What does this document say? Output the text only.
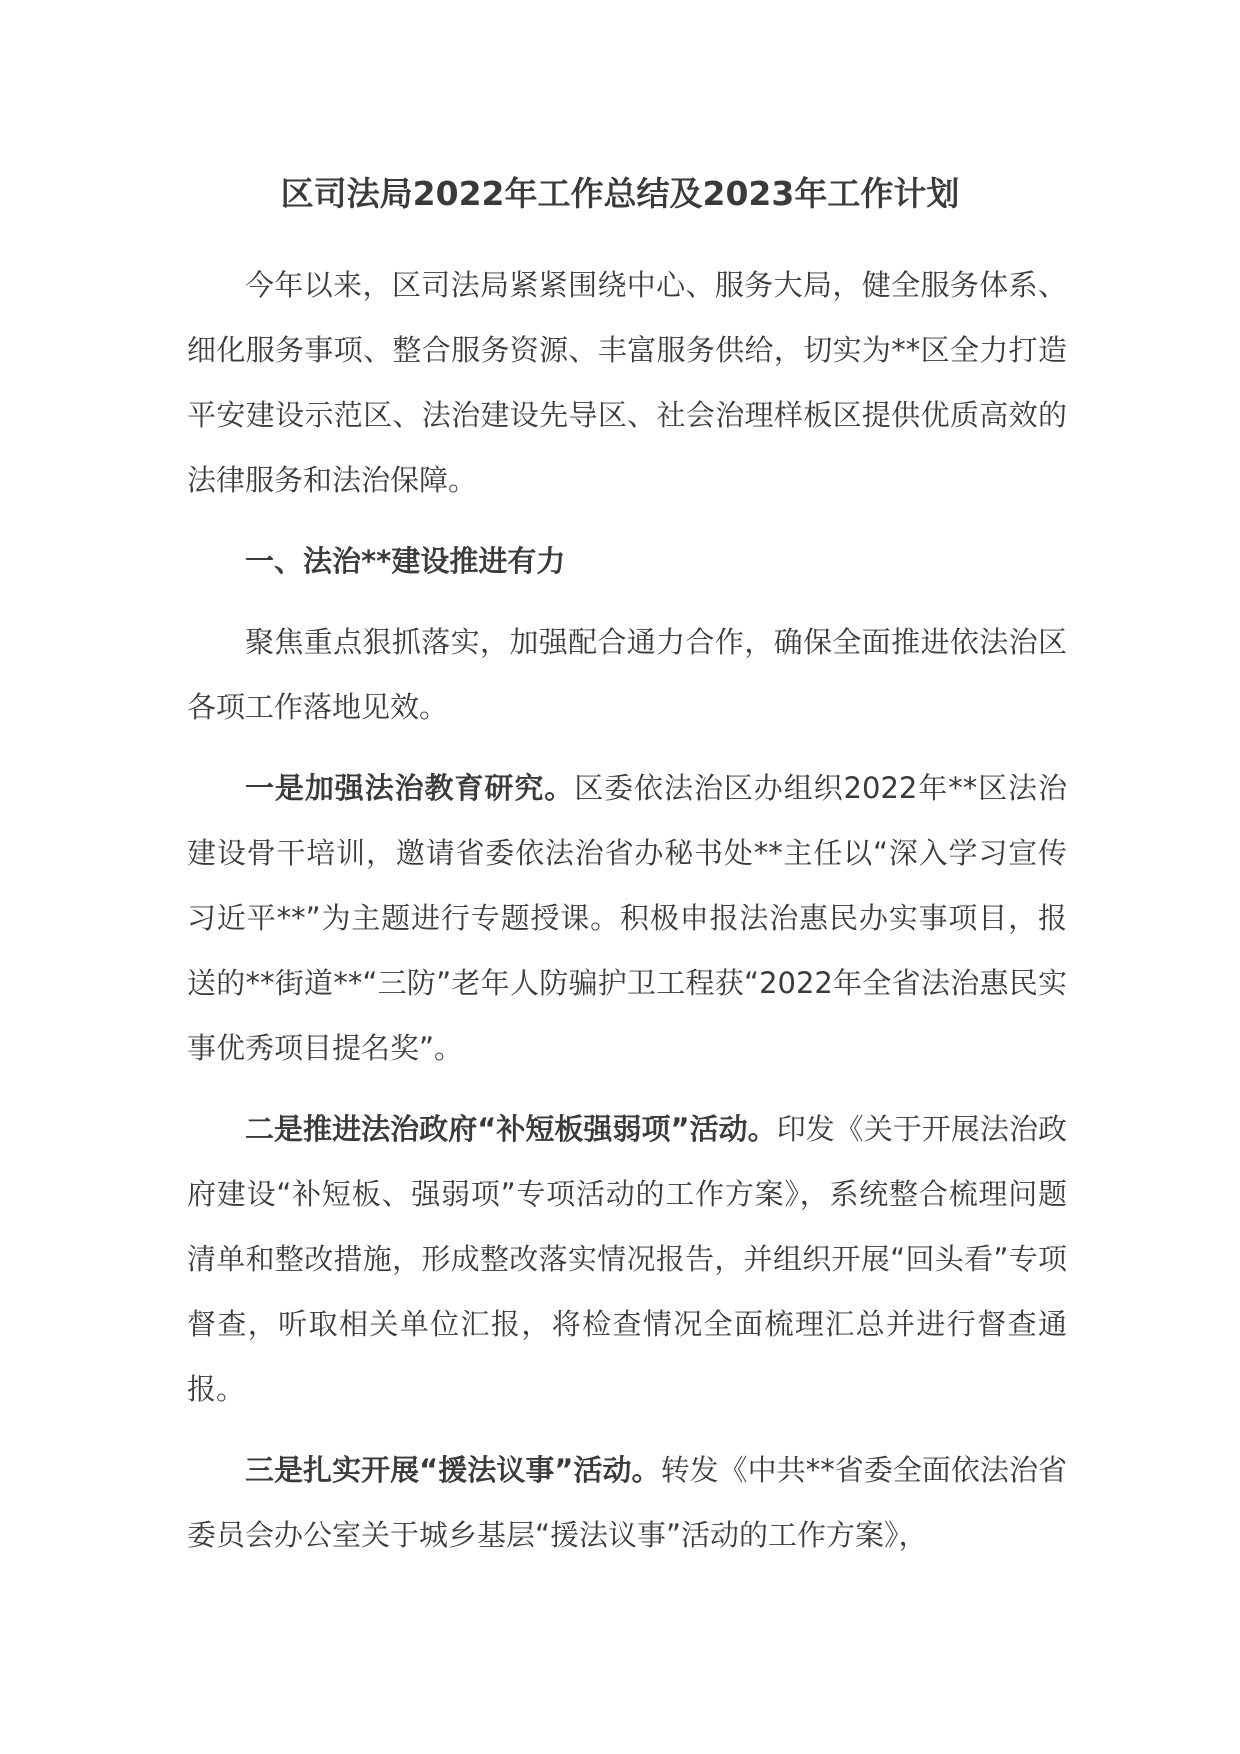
区司法局2022年工作总结及2023年工作计划

今年以来，区司法局紧紧围绕中心、服务大局，健全服务体系、细化服务事项、整合服务资源、丰富服务供给，切实为**区全力打造平安建设示范区、法治建设先导区、社会治理样板区提供优质高效的法律服务和法治保障。

一、法治**建设推进有力

聚焦重点狠抓落实，加强配合通力合作，确保全面推进依法治区各项工作落地见效。

一是加强法治教育研究。区委依法治区办组织2022年**区法治建设骨干培训，邀请省委依法治省办秘书处**主任以“深入学习宣传习近平**”为主题进行专题授课。积极申报法治惠民办实事项目，报送的**街道**“三防”老年人防骗护卫工程获“2022年全省法治惠民实事优秀项目提名奖”。

二是推进法治政府“补短板强弱项”活动。印发《关于开展法治政府建设“补短板、强弱项”专项活动的工作方案》，系统整合梳理问题清单和整改措施，形成整改落实情况报告，并组织开展“回头看”专项督查，听取相关单位汇报，将检查情况全面梳理汇总并进行督查通报。

三是扎实开展“援法议事”活动。转发《中共**省委全面依法治省委员会办公室关于城乡基层“援法议事”活动的工作方案》，
